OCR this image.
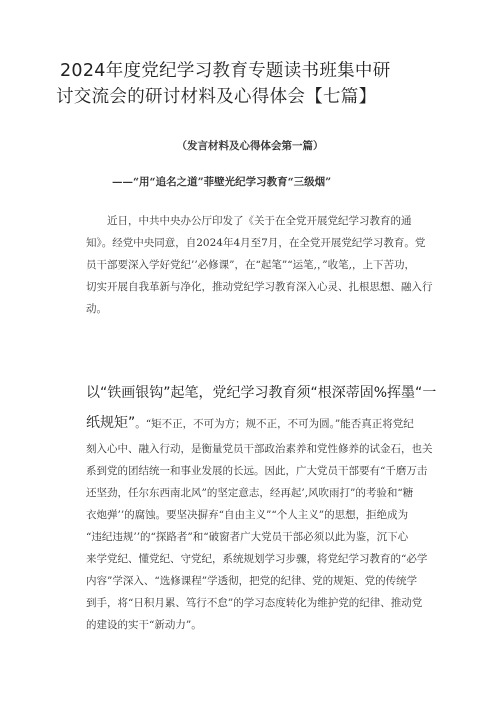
2024年度党纪学习教育专题读书班集中研
讨交流会的研讨材料及心得体会【七篇】
（发言材料及心得体会第一篇）
——“用“追名之道”菲壁光纪学习教育“三级烟”
近日，中共中央办公厅印发了《关于在全党开展党纪学习教育的通
知》。经党中央同意，自2024年4月至7月，在全党开展党纪学习教育。党
员干部要深入学好党纪’’必修课”，在“起笔”“运笔,，”收笔,，上下苦功，
切实开展自我革新与净化，推动党纪学习教育深入心灵、扎根思想、融入行
动。
以“铁画银钩”起笔，党纪学习教育须“根深蒂固%挥墨“一
纸规矩”。“矩不正，不可为方；规不正，不可为圆。”能否真正将党纪
刻入心中、融入行动，是衡量党员干部政治素养和党性修养的试金石，也关
系到党的团结统一和事业发展的长远。因此，广大党员干部要有“千磨万击
还坚劲，任尔东西南北风”的坚定意志，经再起’,风吹雨打”的考验和“糖
衣炮弹’’的腐蚀。要坚决摒弃“自由主义”“个人主义”的思想，拒绝成为
“违纪违规’’的“探路者”和“破窗者广大党员干部必须以此为鉴，沉下心
来学党纪、懂党纪、守党纪，系统规划学习步骤，将党纪学习教育的“必学
内容”学深入、“选修课程”学透彻，把党的纪律、党的规矩、党的传统学
到手，将“日积月累、笃行不怠”的学习态度转化为维护党的纪律、推动党
的建设的实干“新动力”。
